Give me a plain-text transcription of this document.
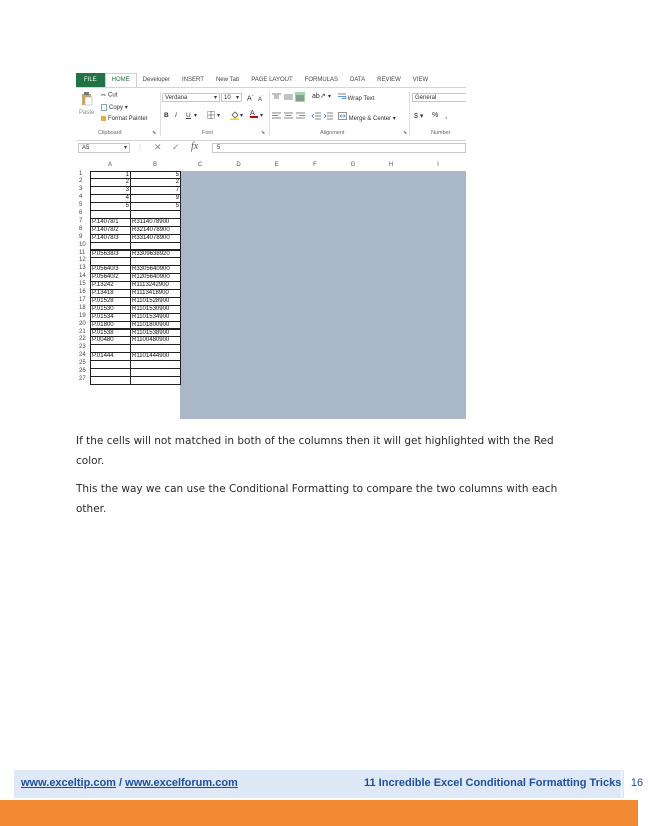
FILE	HOME	Developer	INSERT	New Tab	PAGE LAYOUT	FORMULAS	DATA	REVIEW	VIEW
Paste
✂ Cut
Copy ▾
Format Painter
Clipboard	⬊
Verdana	▾	10 ▾ A^
$A^ˇ$
B I U ▾	▾	▾ A ▾
Font	⬊
ab↗ ▾	Wrap Text
Merge & Center ▾
Alignment	⬊
General
$ ▾ % ,
Number
A5	▾ ⋮ ✕ ✓ fx	5
A	B	C	D	E	F	G	H	I
1	1	5
2	2	2
3	3	7
4	4	9
5	5	5
6
7	P.14078/1	R3114078900
8	P.14078/2	R3214078900
9	P.14078/3	R3314078900
10
11	P.05638/3	R3309638920
12
13	P.05640/3	R3305640900
14	P.05640/2	R1205640900
15	P.13242	R1113242900
16	P.13418	R1113418900
17	P.01528	R1101528900
18	P.01530	R1101530900
19	P.01534	R1101534900
20	P.01800	R1101800900
21	P.01538	R1101538900
22	P.00480	R1100480900
23
24	P.01444	R1101444900
25
26
27

If the cells will not matched in both of the columns then it will get highlighted with the Red color.

This the way we can use the Conditional Formatting to compare the two columns with each other.

www.exceltip.com / www.excelforum.com	11 Incredible Excel Conditional Formatting Tricks 16
